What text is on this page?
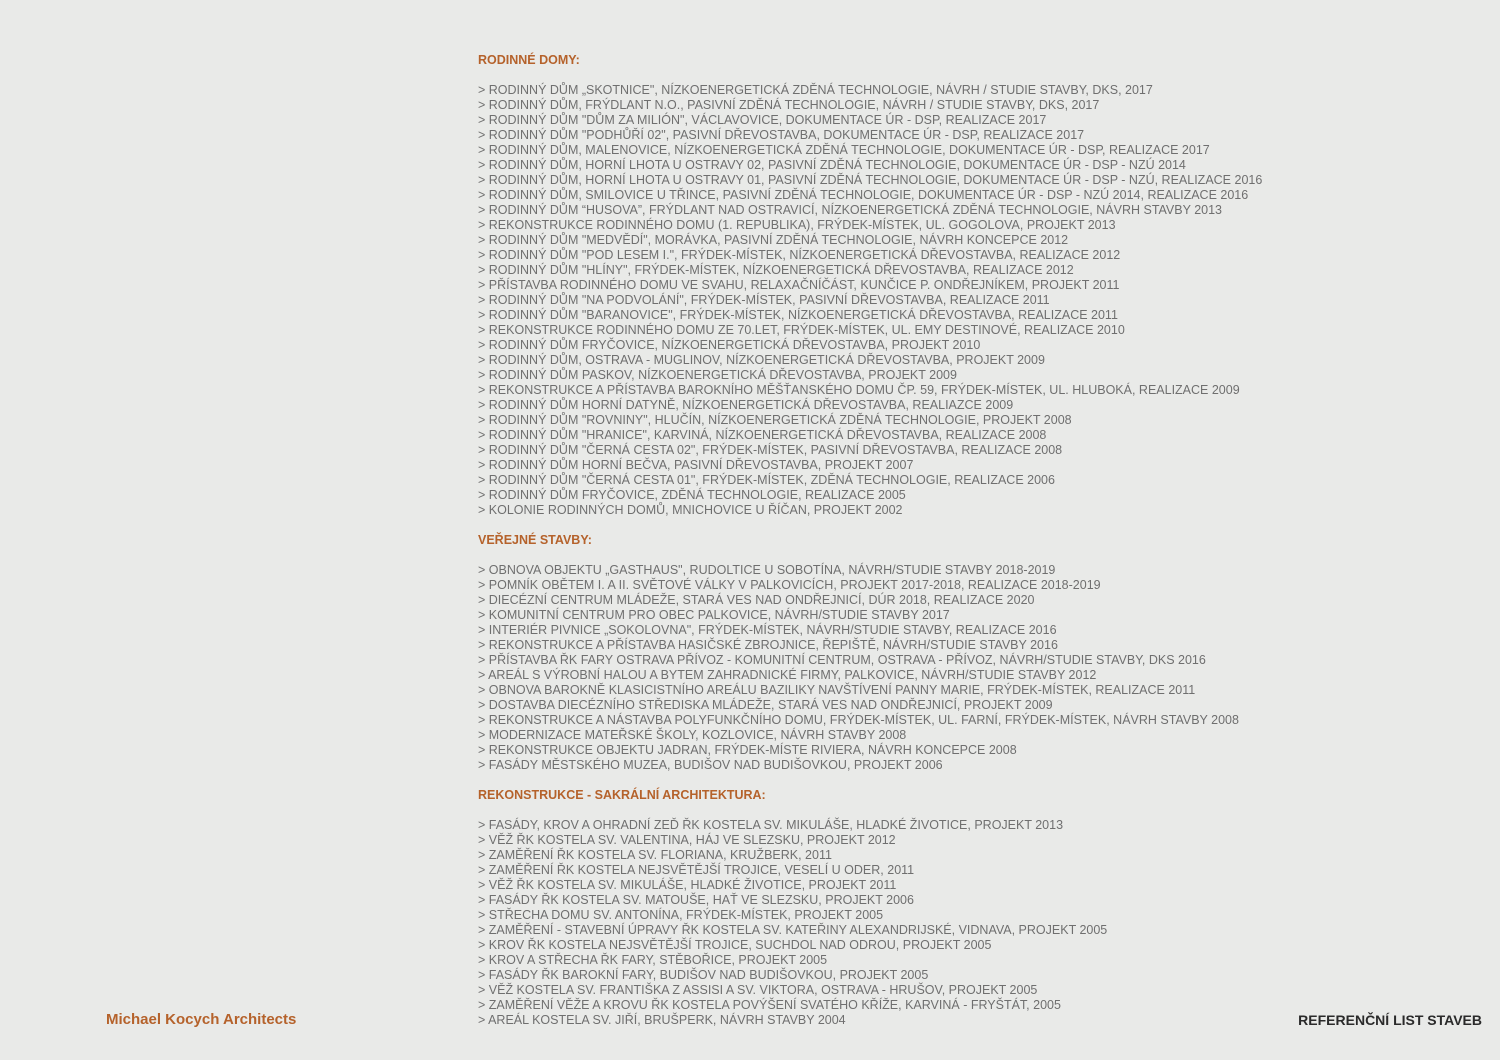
RODINNÉ DOMY:
> RODINNÝ DŮM „SKOTNICE", NÍZKOENERGETICKÁ ZDĚNÁ TECHNOLOGIE, NÁVRH / STUDIE STAVBY, DKS, 2017
> RODINNÝ DŮM, FRÝDLANT N.O., PASIVNÍ ZDĚNÁ TECHNOLOGIE, NÁVRH / STUDIE STAVBY, DKS, 2017
> RODINNÝ DŮM "DŮM ZA MILIÓN", VÁCLAVOVICE, DOKUMENTACE ÚR - DSP, REALIZACE 2017
> RODINNÝ DŮM "PODHŮŘÍ 02", PASIVNÍ DŘEVOSTAVBA, DOKUMENTACE ÚR - DSP, REALIZACE 2017
> RODINNÝ DŮM, MALENOVICE, NÍZKOENERGETICKÁ ZDĚNÁ TECHNOLOGIE, DOKUMENTACE ÚR - DSP, REALIZACE 2017
> RODINNÝ DŮM, HORNÍ LHOTA U OSTRAVY 02, PASIVNÍ ZDĚNÁ TECHNOLOGIE, DOKUMENTACE ÚR - DSP - NZÚ 2014
> RODINNÝ DŮM, HORNÍ LHOTA U OSTRAVY 01, PASIVNÍ ZDĚNÁ TECHNOLOGIE, DOKUMENTACE ÚR - DSP - NZÚ, REALIZACE 2016
> RODINNÝ DŮM, SMILOVICE U TŘINCE, PASIVNÍ ZDĚNÁ TECHNOLOGIE, DOKUMENTACE ÚR - DSP - NZÚ 2014, REALIZACE 2016
> RODINNÝ DŮM “HUSOVA”, FRÝDLANT NAD OSTRAVICÍ, NÍZKOENERGETICKÁ ZDĚNÁ TECHNOLOGIE, NÁVRH STAVBY 2013
> REKONSTRUKCE RODINNÉHO DOMU (1. REPUBLIKA), FRÝDEK-MÍSTEK, UL. GOGOLOVA, PROJEKT 2013
> RODINNÝ DŮM "MEDVĚDÍ", MORÁVKA, PASIVNÍ ZDĚNÁ TECHNOLOGIE, NÁVRH KONCEPCE 2012
> RODINNÝ DŮM "POD LESEM I.", FRÝDEK-MÍSTEK, NÍZKOENERGETICKÁ DŘEVOSTAVBA, REALIZACE 2012
> RODINNÝ DŮM "HLÍNY", FRÝDEK-MÍSTEK, NÍZKOENERGETICKÁ DŘEVOSTAVBA, REALIZACE 2012
> PŘÍSTAVBA RODINNÉHO DOMU VE SVAHU, RELAXAČNÍČÁST, KUNČICE P. ONDŘEJNÍKEM, PROJEKT 2011
> RODINNÝ DŮM "NA PODVOLÁNÍ", FRÝDEK-MÍSTEK, PASIVNÍ DŘEVOSTAVBA, REALIZACE 2011
> RODINNÝ DŮM "BARANOVICE", FRÝDEK-MÍSTEK, NÍZKOENERGETICKÁ DŘEVOSTAVBA, REALIZACE 2011
> REKONSTRUKCE RODINNÉHO DOMU ZE 70.LET, FRÝDEK-MÍSTEK, UL. EMY DESTINOVÉ, REALIZACE 2010
> RODINNÝ DŮM FRYČOVICE, NÍZKOENERGETICKÁ DŘEVOSTAVBA, PROJEKT 2010
> RODINNÝ DŮM, OSTRAVA - MUGLINOV, NÍZKOENERGETICKÁ DŘEVOSTAVBA, PROJEKT 2009
> RODINNÝ DŮM PASKOV, NÍZKOENERGETICKÁ DŘEVOSTAVBA, PROJEKT 2009
> REKONSTRUKCE A PŘÍSTAVBA BAROKNÍHO MĚŠŤANSKÉHO DOMU ČP. 59, FRÝDEK-MÍSTEK, UL. HLUBOKÁ, REALIZACE 2009
> RODINNÝ DŮM HORNÍ DATYNĚ, NÍZKOENERGETICKÁ DŘEVOSTAVBA, REALIAZCE 2009
> RODINNÝ DŮM "ROVNINY", HLUČÍN, NÍZKOENERGETICKÁ ZDĚNÁ TECHNOLOGIE, PROJEKT 2008
> RODINNÝ DŮM "HRANICE", KARVINÁ, NÍZKOENERGETICKÁ DŘEVOSTAVBA, REALIZACE 2008
> RODINNÝ DŮM "ČERNÁ CESTA 02", FRÝDEK-MÍSTEK, PASIVNÍ DŘEVOSTAVBA, REALIZACE 2008
> RODINNÝ DŮM HORNÍ BEČVA, PASIVNÍ DŘEVOSTAVBA, PROJEKT 2007
> RODINNÝ DŮM "ČERNÁ CESTA 01", FRÝDEK-MÍSTEK, ZDĚNÁ TECHNOLOGIE, REALIZACE 2006
> RODINNÝ DŮM FRYČOVICE, ZDĚNÁ TECHNOLOGIE, REALIZACE 2005
> KOLONIE RODINNÝCH DOMŮ, MNICHOVICE U ŘÍČAN, PROJEKT 2002
VEŘEJNÉ STAVBY:
> OBNOVA OBJEKTU „GASTHAUS", RUDOLTICE U SOBOTÍNA, NÁVRH/STUDIE STAVBY 2018-2019
> POMNÍK OBĚTEM I. A II. SVĚTOVÉ VÁLKY V PALKOVICÍCH, PROJEKT 2017-2018, REALIZACE 2018-2019
> DIECÉZNÍ CENTRUM MLÁDEŽE, STARÁ VES NAD ONDŘEJNICÍ, DÚR 2018, REALIZACE 2020
> KOMUNITNÍ CENTRUM PRO OBEC PALKOVICE, NÁVRH/STUDIE STAVBY 2017
> INTERIÉR PIVNICE „SOKOLOVNA", FRÝDEK-MÍSTEK, NÁVRH/STUDIE STAVBY, REALIZACE 2016
> REKONSTRUKCE A PŘÍSTAVBA HASIČSKÉ ZBROJNICE, ŘEPIŠTĚ, NÁVRH/STUDIE STAVBY 2016
> PŘÍSTAVBA ŘK FARY OSTRAVA PŘÍVOZ - KOMUNITNÍ CENTRUM, OSTRAVA - PŘÍVOZ, NÁVRH/STUDIE STAVBY, DKS 2016
> AREÁL S VÝROBNÍ HALOU A BYTEM ZAHRADNICKÉ FIRMY, PALKOVICE, NÁVRH/STUDIE STAVBY 2012
> OBNOVA BAROKNĚ KLASICISTNÍHO AREÁLU BAZILIKY NAVŠTÍVENÍ PANNY MARIE, FRÝDEK-MÍSTEK, REALIZACE 2011
> DOSTAVBA DIECÉZNÍHO STŘEDISKA MLÁDEŽE, STARÁ VES NAD ONDŘEJNICÍ, PROJEKT 2009
> REKONSTRUKCE A NÁSTAVBA POLYFUNKČNÍHO DOMU, FRÝDEK-MÍSTEK, UL. FARNÍ, FRÝDEK-MÍSTEK, NÁVRH STAVBY 2008
> MODERNIZACE MATEŘSKÉ ŠKOLY, KOZLOVICE, NÁVRH STAVBY 2008
> REKONSTRUKCE OBJEKTU JADRAN, FRÝDEK-MÍSTE RIVIERA, NÁVRH KONCEPCE 2008
> FASÁDY MĚSTSKÉHO MUZEA, BUDIŠOV NAD BUDIŠOVKOU, PROJEKT 2006
REKONSTRUKCE - SAKRÁLNÍ ARCHITEKTURA:
> FASÁDY, KROV A OHRADNÍ ZEĎ ŘK KOSTELA SV. MIKULÁŠE, HLADKÉ ŽIVOTICE, PROJEKT 2013
> VĚŽ ŘK KOSTELA SV. VALENTINA, HÁJ VE SLEZSKU, PROJEKT 2012
> ZAMĚŘENÍ ŘK KOSTELA SV. FLORIANA, KRUŽBERK, 2011
> ZAMĚŘENÍ ŘK KOSTELA NEJSVĚTĚJŠÍ TROJICE, VESELÍ U ODER, 2011
> VĚŽ ŘK KOSTELA SV. MIKULÁŠE, HLADKÉ ŽIVOTICE, PROJEKT 2011
> FASÁDY ŘK KOSTELA SV. MATOUŠE, HAŤ VE SLEZSKU, PROJEKT 2006
> STŘECHA DOMU SV. ANTONÍNA, FRÝDEK-MÍSTEK, PROJEKT 2005
> ZAMĚŘENÍ - STAVEBNÍ ÚPRAVY ŘK KOSTELA SV. KATEŘINY ALEXANDRIJSKÉ, VIDNAVA, PROJEKT 2005
> KROV ŘK KOSTELA NEJSVĚTĚJŠÍ TROJICE, SUCHDOL NAD ODROU, PROJEKT 2005
> KROV A STŘECHA ŘK FARY, STĚBOŘICE, PROJEKT 2005
> FASÁDY ŘK BAROKNÍ FARY, BUDIŠOV NAD BUDIŠOVKOU, PROJEKT 2005
> VĚŽ KOSTELA SV. FRANTIŠKA Z ASSISI A SV. VIKTORA, OSTRAVA - HRUŠOV, PROJEKT 2005
> ZAMĚŘENÍ VĚŽE A KROVU ŘK KOSTELA POVÝŠENÍ SVATÉHO KŘÍŽE, KARVINÁ - FRYŠTÁT, 2005
> AREÁL KOSTELA SV. JIŘÍ, BRUŠPERK, NÁVRH STAVBY 2004
Michael Kocych Architects	REFERENČNÍ LIST STAVEB
